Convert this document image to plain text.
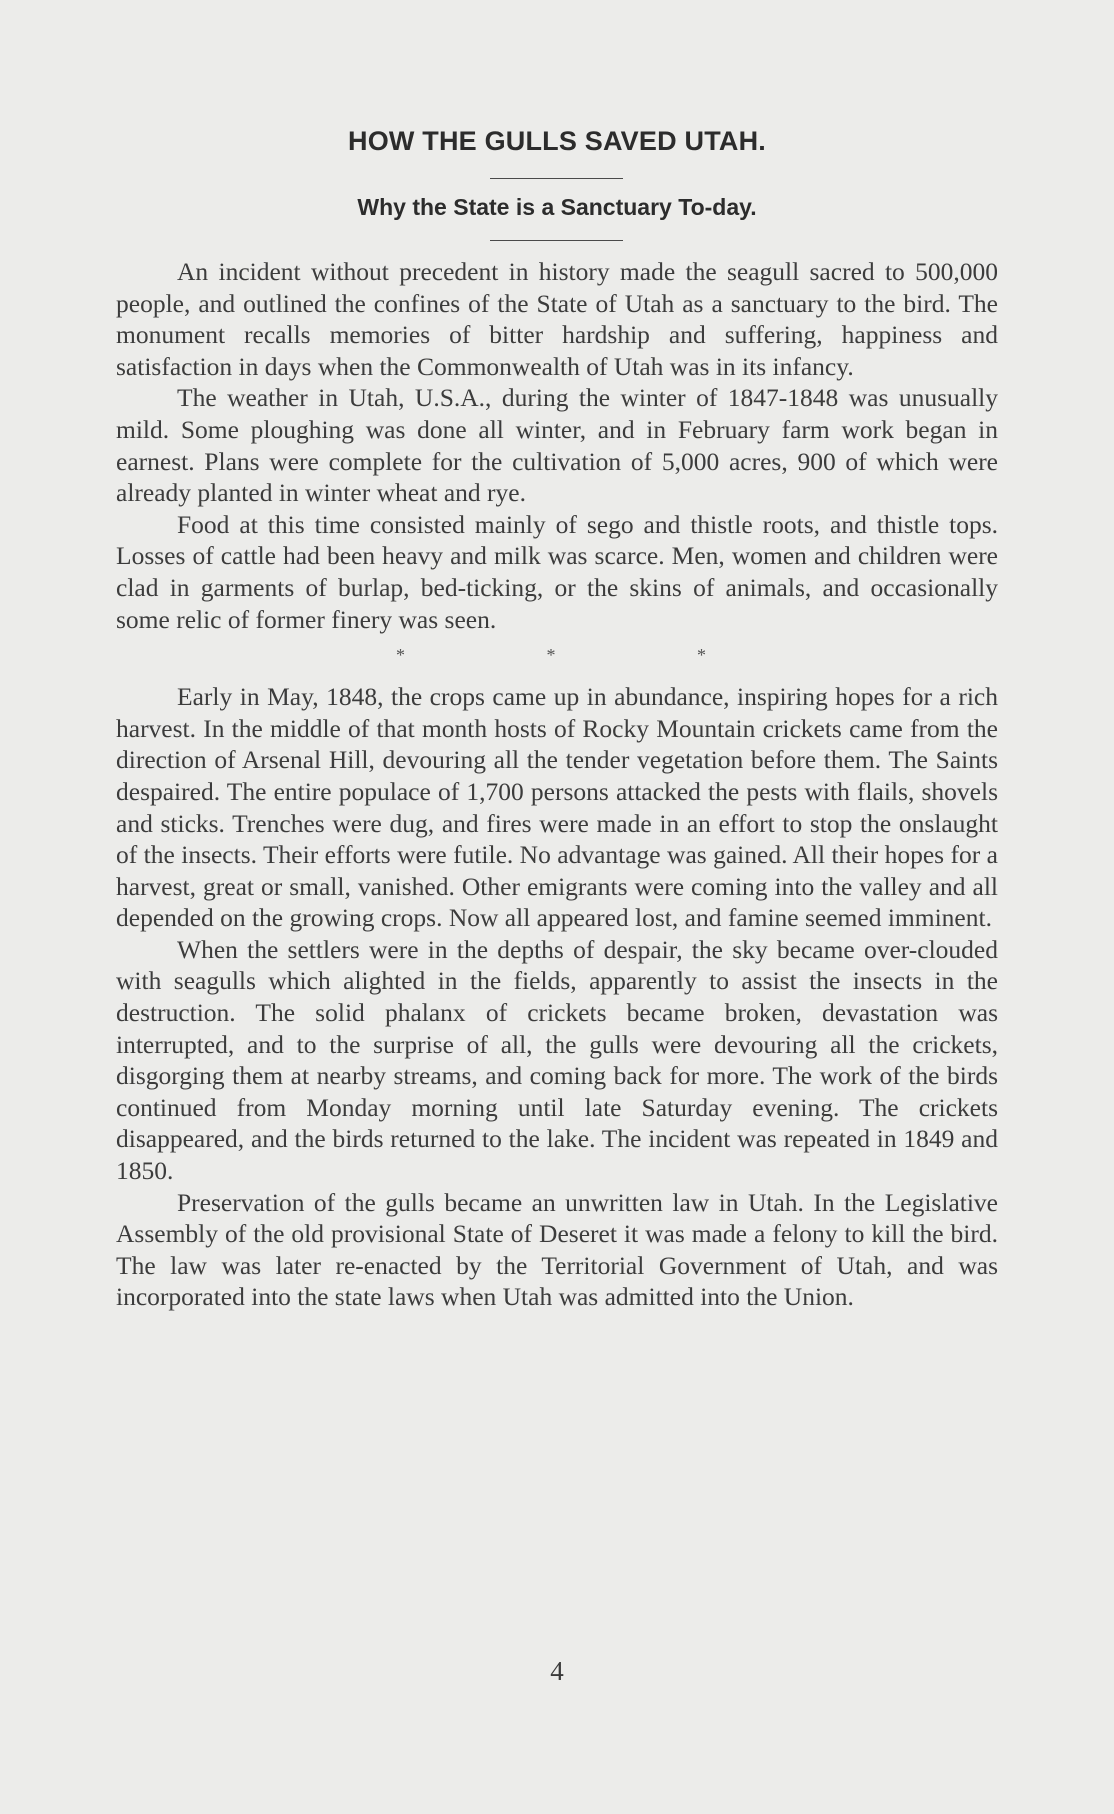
HOW THE GULLS SAVED UTAH.
Why the State is a Sanctuary To-day.

An incident without precedent in history made the seagull sacred to 500,000 people, and outlined the confines of the State of Utah as a sanctuary to the bird. The monument recalls memories of bitter hardship and suffering, happiness and satisfaction in days when the Commonwealth of Utah was in its infancy.

The weather in Utah, U.S.A., during the winter of 1847-1848 was unusually mild. Some ploughing was done all winter, and in February farm work began in earnest. Plans were complete for the cultivation of 5,000 acres, 900 of which were already planted in winter wheat and rye.

Food at this time consisted mainly of sego and thistle roots, and thistle tops. Losses of cattle had been heavy and milk was scarce. Men, women and children were clad in garments of burlap, bed-ticking, or the skins of animals, and occasionally some relic of former finery was seen.

*	*	*

Early in May, 1848, the crops came up in abundance, inspiring hopes for a rich harvest. In the middle of that month hosts of Rocky Mountain crickets came from the direction of Arsenal Hill, devouring all the tender vegetation before them. The Saints despaired. The entire populace of 1,700 persons attacked the pests with flails, shovels and sticks. Trenches were dug, and fires were made in an effort to stop the onslaught of the insects. Their efforts were futile. No advantage was gained. All their hopes for a harvest, great or small, vanished. Other emigrants were coming into the valley and all depended on the growing crops. Now all appeared lost, and famine seemed imminent.

When the settlers were in the depths of despair, the sky became over-clouded with seagulls which alighted in the fields, apparently to assist the insects in the destruction. The solid phalanx of crickets became broken, devastation was interrupted, and to the surprise of all, the gulls were devouring all the crickets, disgorging them at nearby streams, and coming back for more. The work of the birds continued from Monday morning until late Saturday evening. The crickets disappeared, and the birds returned to the lake. The incident was repeated in 1849 and 1850.

Preservation of the gulls became an unwritten law in Utah. In the Legislative Assembly of the old provisional State of Deseret it was made a felony to kill the bird. The law was later re-enacted by the Territorial Government of Utah, and was incorporated into the state laws when Utah was admitted into the Union.

4
